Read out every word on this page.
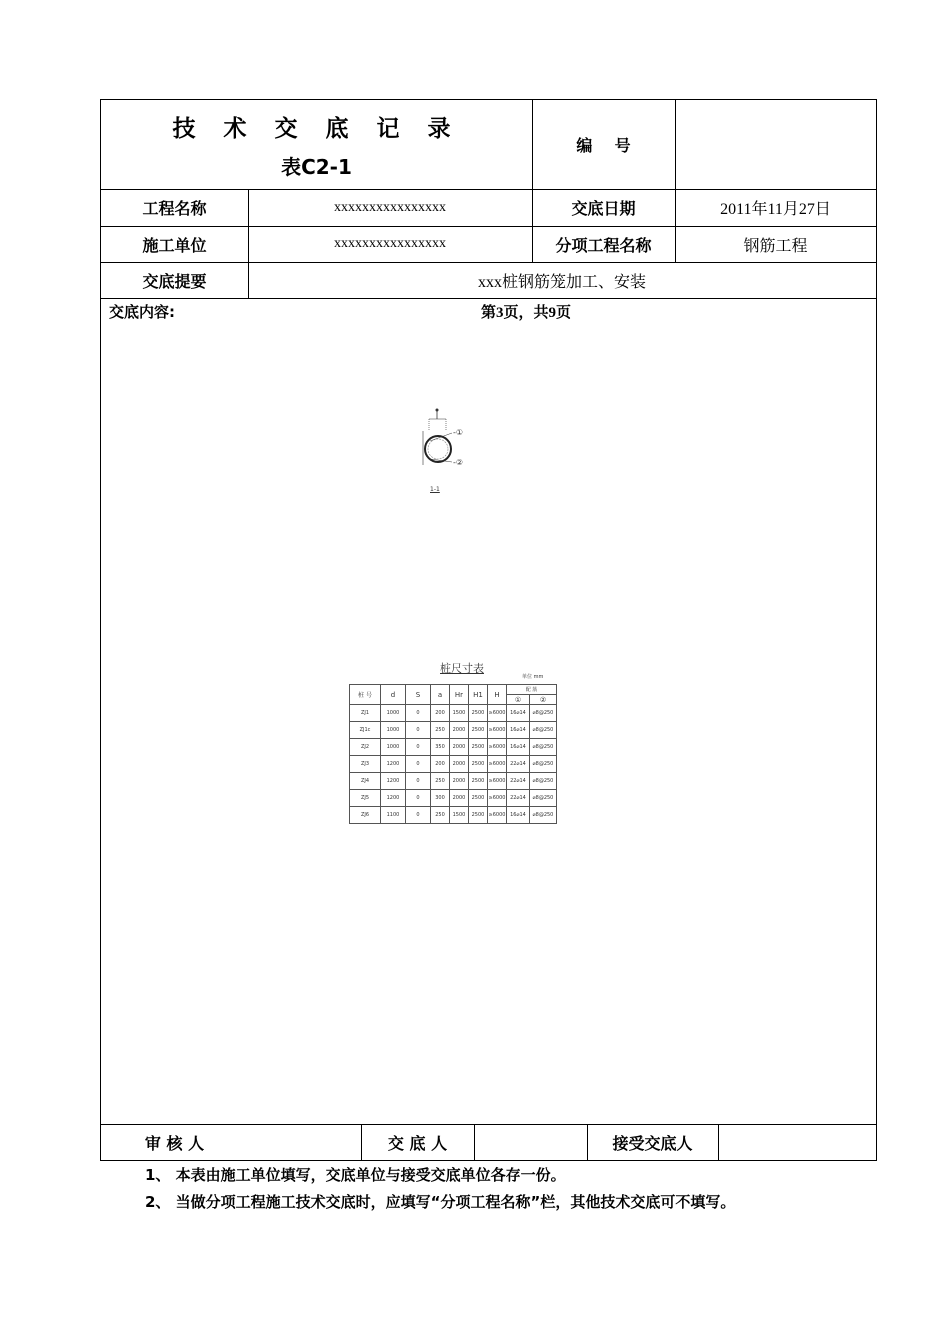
技 术 交 底 记 录
表C2-1
编    号
工程名称	xxxxxxxxxxxxxxxx	交底日期	2011年11月27日
施工单位	xxxxxxxxxxxxxxxx	分项工程名称	钢筋工程
交底提要	xxx桩钢筋笼加工、安装
交底内容:	第3页，共9页
审 核 人	交 底 人	接受交底人
-①
-②
1-1
桩尺寸表
单位 mm
桩 号	d	S	a	Hr	H1	H	配 筋	
							①	②
ZJ1	1000	0	200	1500	2500	≥6000	16⌀14	⌀8@250
ZJ1c	1000	0	250	2000	2500	≥6000	16⌀14	⌀8@250
ZJ2	1000	0	350	2000	2500	≥6000	16⌀14	⌀8@250
ZJ3	1200	0	200	2000	2500	≥6000	22⌀14	⌀8@250
ZJ4	1200	0	250	2000	2500	≥6000	22⌀14	⌀8@250
ZJ5	1200	0	300	2000	2500	≥6000	22⌀14	⌀8@250
ZJ6	1100	0	250	1500	2500	≥6000	16⌀14	⌀8@250
1、 本表由施工单位填写，交底单位与接受交底单位各存一份。
2、 当做分项工程施工技术交底时，应填写“分项工程名称”栏，其他技术交底可不填写。
